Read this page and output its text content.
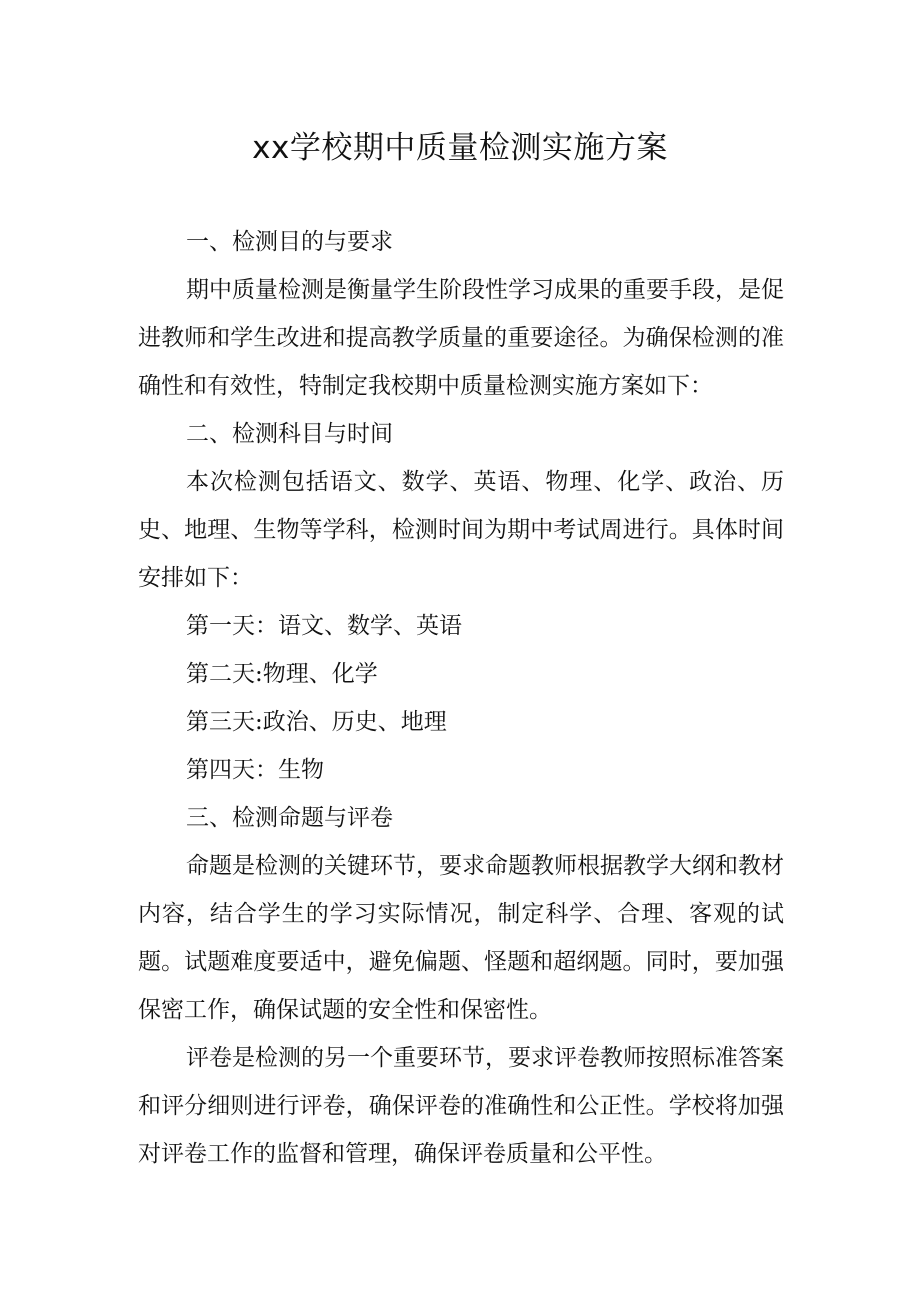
xx学校期中质量检测实施方案

一、检测目的与要求

期中质量检测是衡量学生阶段性学习成果的重要手段，是促进教师和学生改进和提高教学质量的重要途径。为确保检测的准确性和有效性，特制定我校期中质量检测实施方案如下：

二、检测科目与时间

本次检测包括语文、数学、英语、物理、化学、政治、历史、地理、生物等学科，检测时间为期中考试周进行。具体时间安排如下：

第一天：语文、数学、英语

第二天:物理、化学

第三天:政治、历史、地理

第四天：生物

三、检测命题与评卷

命题是检测的关键环节，要求命题教师根据教学大纲和教材内容，结合学生的学习实际情况，制定科学、合理、客观的试题。试题难度要适中，避免偏题、怪题和超纲题。同时，要加强保密工作，确保试题的安全性和保密性。

评卷是检测的另一个重要环节，要求评卷教师按照标准答案和评分细则进行评卷，确保评卷的准确性和公正性。学校将加强对评卷工作的监督和管理，确保评卷质量和公平性。
